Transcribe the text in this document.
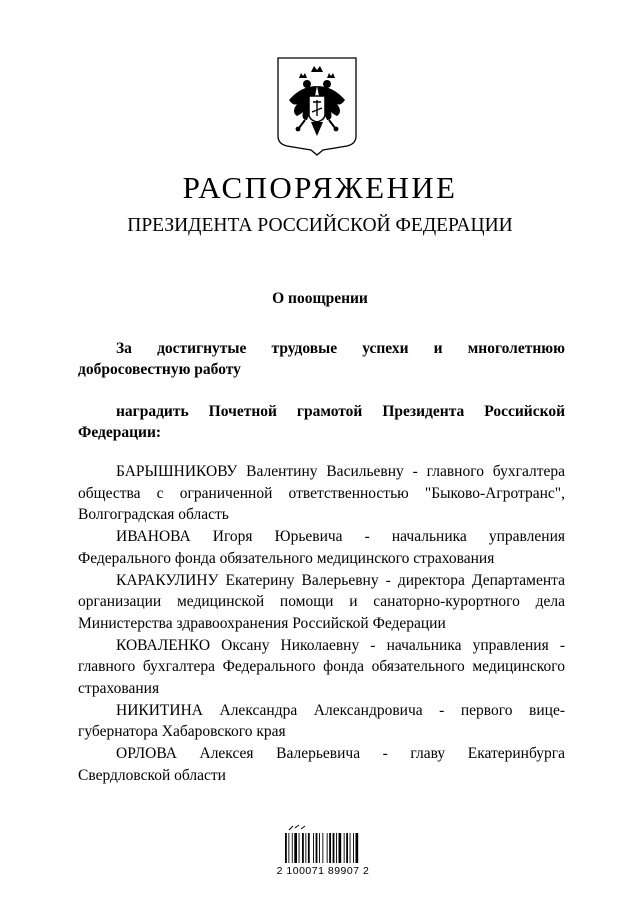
РАСПОРЯЖЕНИЕ
ПРЕЗИДЕНТА РОССИЙСКОЙ ФЕДЕРАЦИИ
О поощрении
За достигнутые трудовые успехи и многолетнюю
добросовестную работу
наградить Почетной грамотой Президента Российской
Федерации:

БАРЫШНИКОВУ Валентину Васильевну - главного бухгалтера общества с ограниченной ответственностью "Быково-Агротранс", Волгоградская область

ИВАНОВА Игоря Юрьевича - начальника управления Федерального фонда обязательного медицинского страхования

КАРАКУЛИНУ Екатерину Валерьевну - директора Департамента организации медицинской помощи и санаторно-курортного дела Министерства здравоохранения Российской Федерации

КОВАЛЕНКО Оксану Николаевну - начальника управления - главного бухгалтера Федерального фонда обязательного медицинского страхования

НИКИТИНА Александра Александровича - первого вице-губернатора Хабаровского края

ОРЛОВА Алексея Валерьевича - главу Екатеринбурга Свердловской области

2 100071 89907 2
